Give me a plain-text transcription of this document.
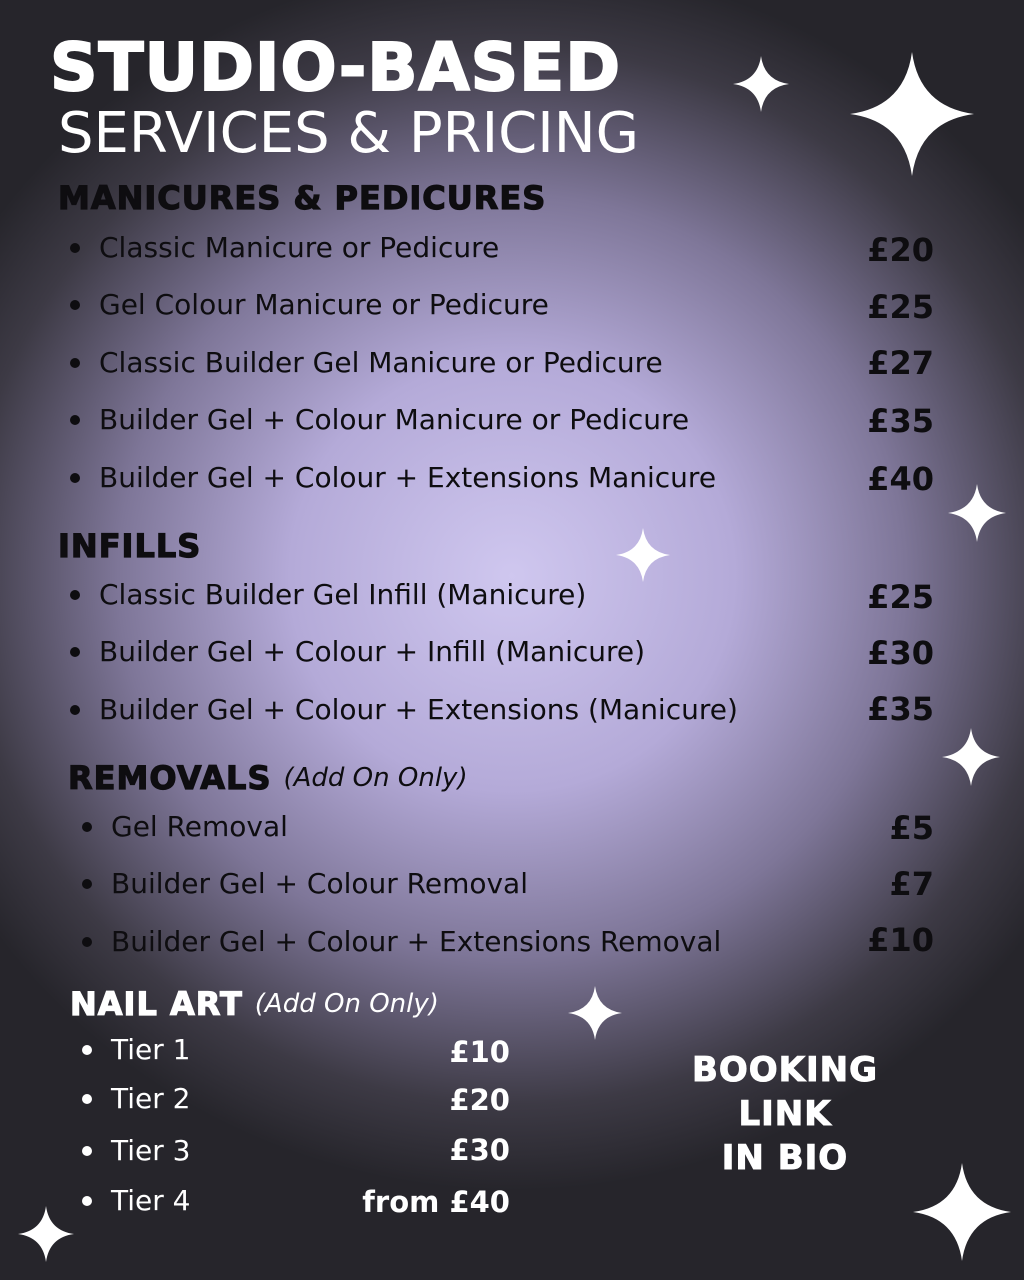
STUDIO-BASED
SERVICES & PRICING
MANICURES & PEDICURES
Classic Manicure or Pedicure	£20
Gel Colour Manicure or Pedicure	£25
Classic Builder Gel Manicure or Pedicure	£27
Builder Gel + Colour Manicure or Pedicure	£35
Builder Gel + Colour + Extensions Manicure	£40
INFILLS
Classic Builder Gel Infill (Manicure)	£25
Builder Gel + Colour + Infill (Manicure)	£30
Builder Gel + Colour + Extensions (Manicure)	£35
REMOVALS (Add On Only)
Gel Removal	£5
Builder Gel + Colour Removal	£7
Builder Gel + Colour + Extensions Removal	£10
NAIL ART (Add On Only)
Tier 1	£10
Tier 2	£20
Tier 3	£30
Tier 4	from £40
BOOKING
LINK
IN BIO
